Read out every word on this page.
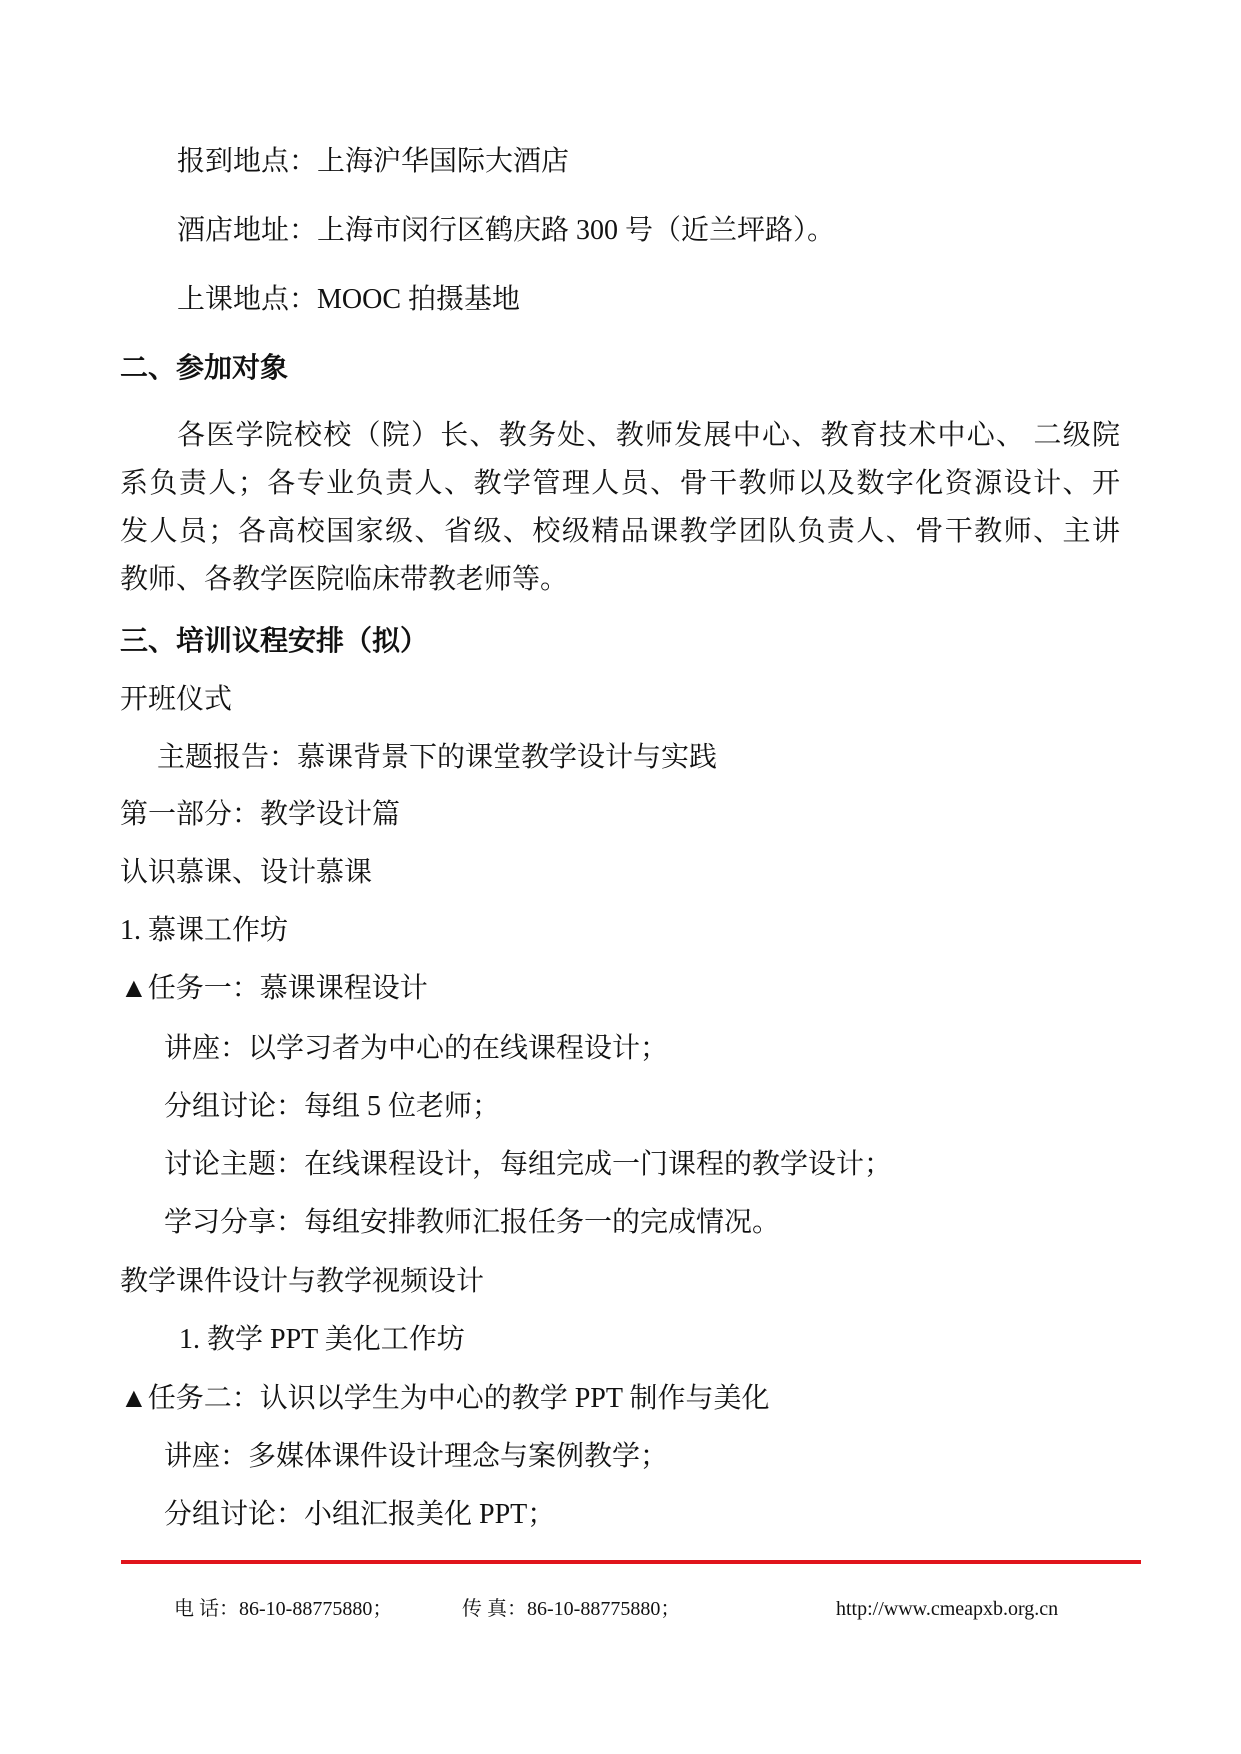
报到地点：上海沪华国际大酒店
酒店地址：上海市闵行区鹤庆路 300 号（近兰坪路）。
上课地点：MOOC 拍摄基地
二、参加对象
各医学院校校（院）长、教务处、教师发展中心、教育技术中心、 二级院
系负责人；各专业负责人、教学管理人员、骨干教师以及数字化资源设计、开
发人员；各高校国家级、省级、校级精品课教学团队负责人、骨干教师、主讲
教师、各教学医院临床带教老师等。
三、培训议程安排（拟）
开班仪式
主题报告：慕课背景下的课堂教学设计与实践
第一部分：教学设计篇
认识慕课、设计慕课
1. 慕课工作坊
▲任务一：慕课课程设计
讲座：以学习者为中心的在线课程设计；
分组讨论：每组 5 位老师；
讨论主题：在线课程设计，每组完成一门课程的教学设计；
学习分享：每组安排教师汇报任务一的完成情况。
教学课件设计与教学视频设计
1. 教学 PPT 美化工作坊
▲任务二：认识以学生为中心的教学 PPT 制作与美化
讲座：多媒体课件设计理念与案例教学；
分组讨论：小组汇报美化 PPT；
电 话：86-10-88775880；	传 真：86-10-88775880；	http://www.cmeapxb.org.cn
